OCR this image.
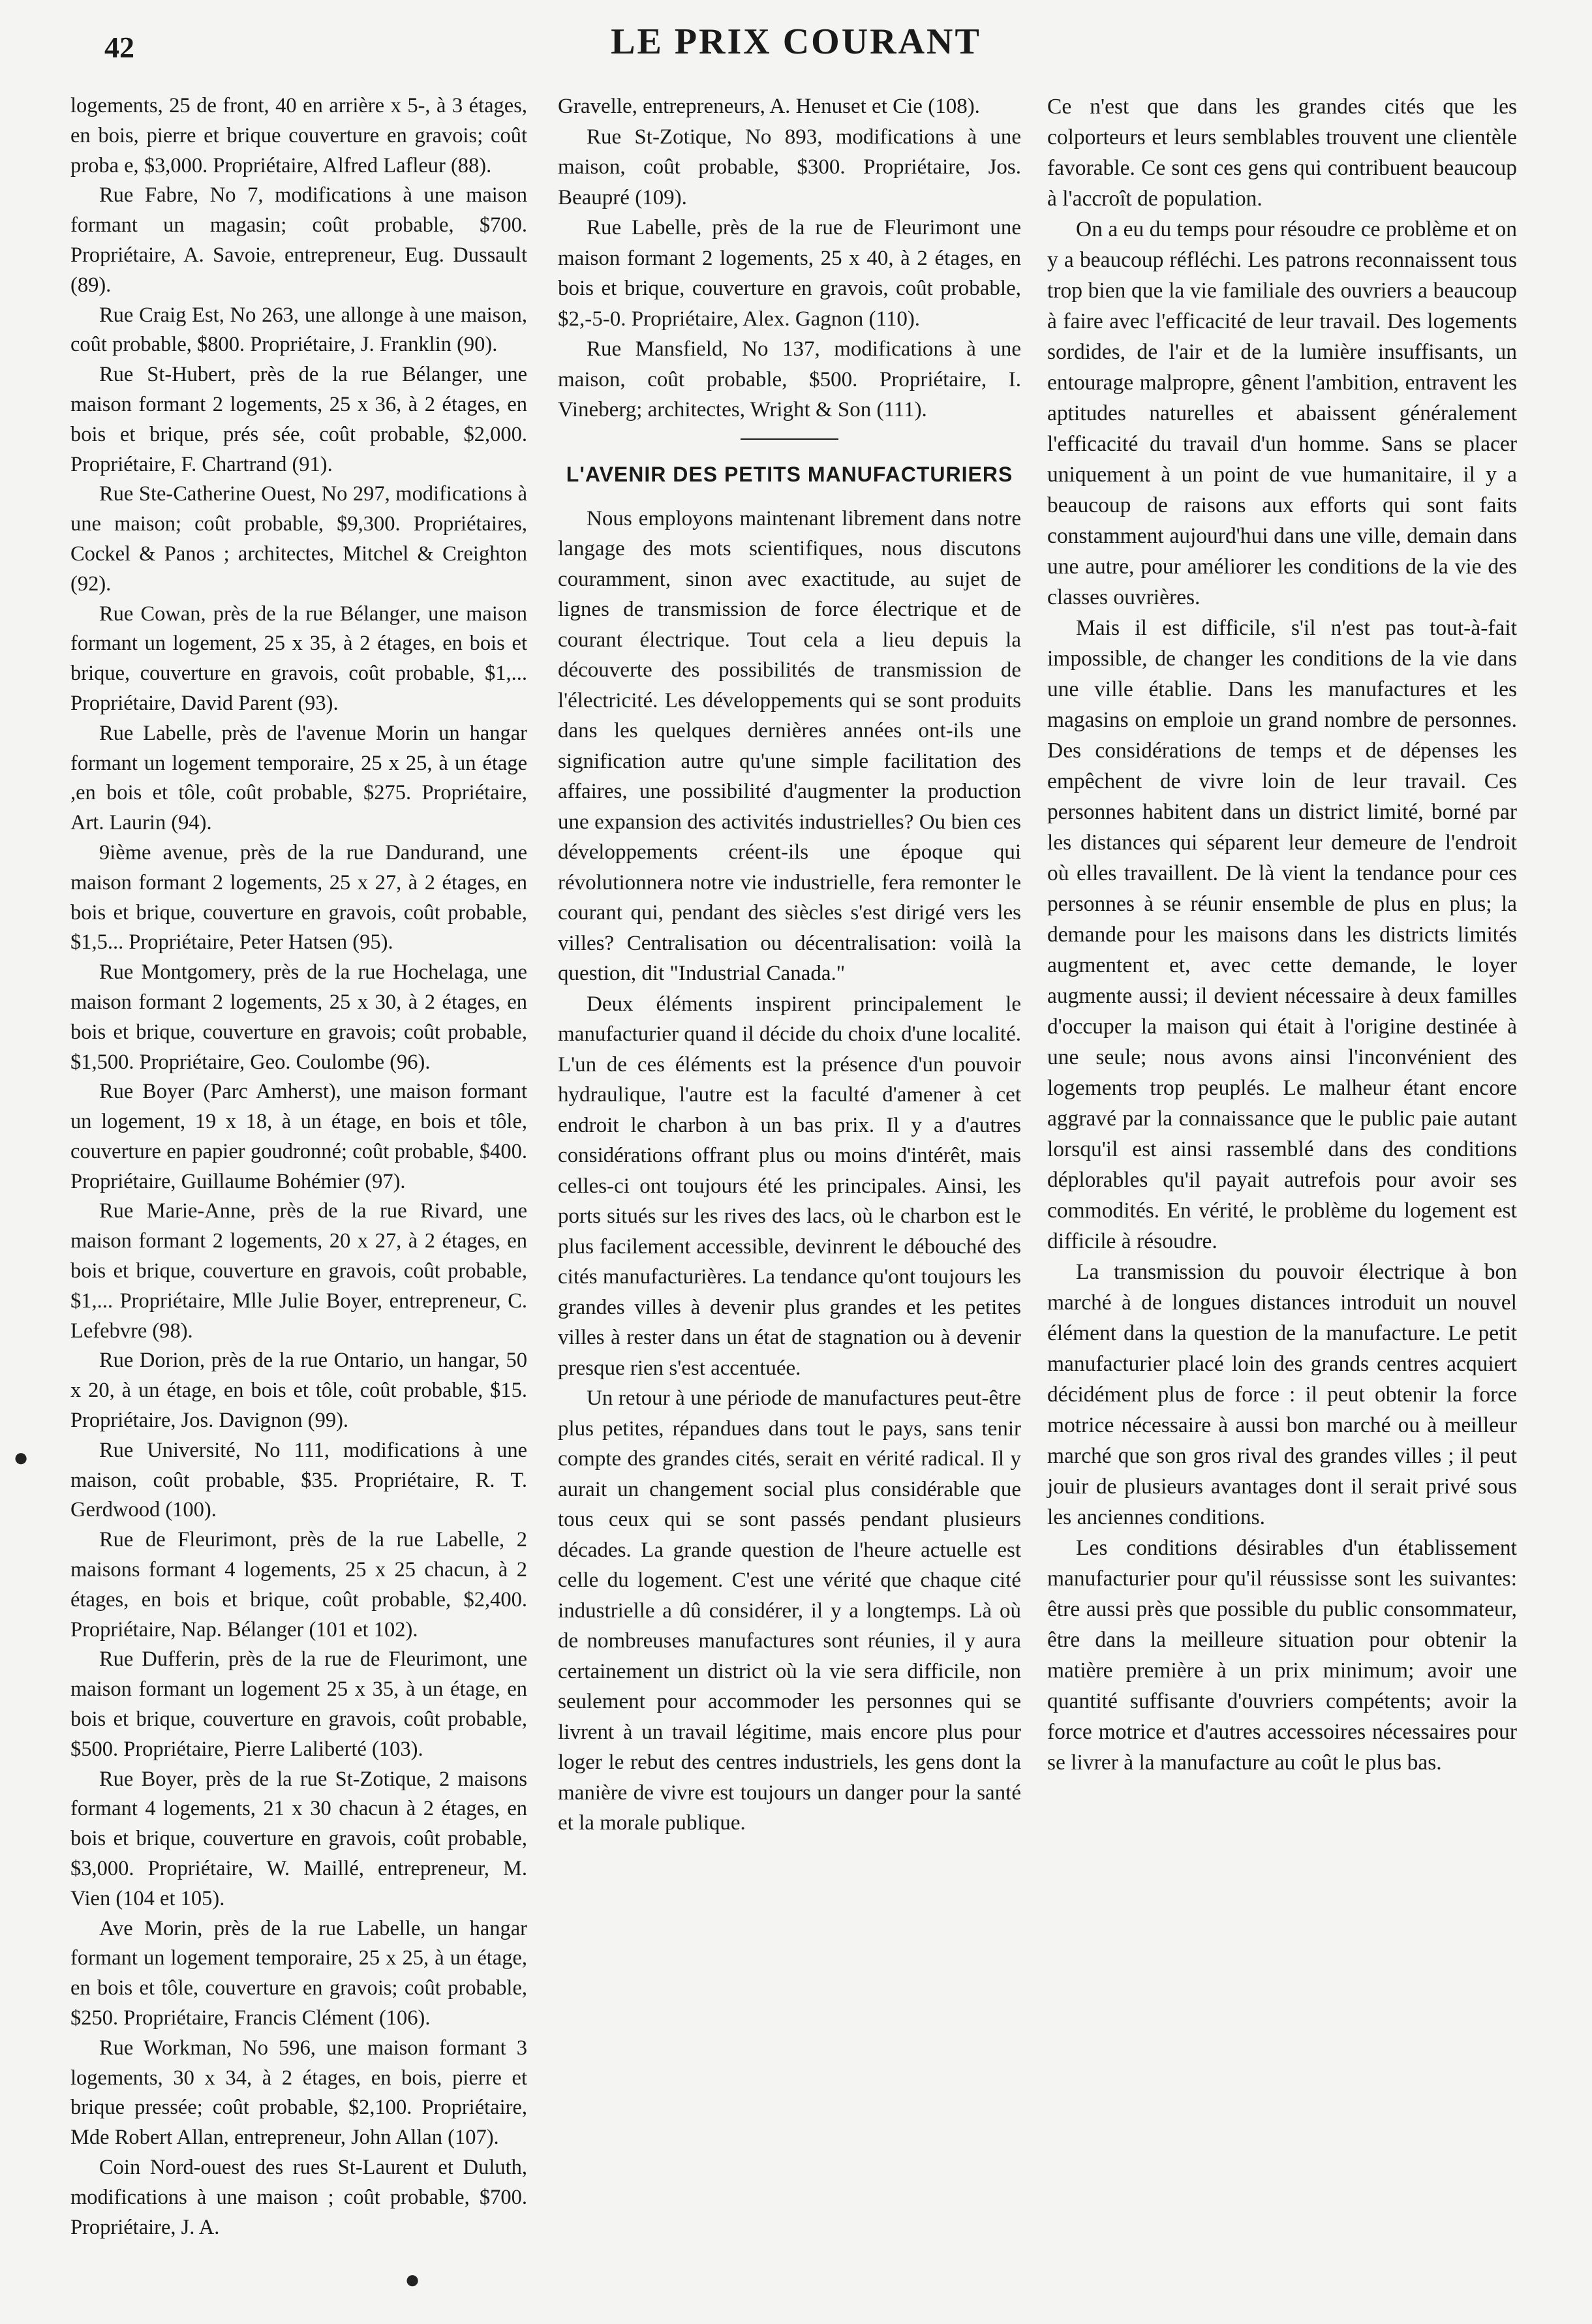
42	LE PRIX COURANT

logements, 25 de front, 40 en arrière x 5-, à 3 étages, en bois, pierre et brique couverture en gravois; coût proba e, $3,000. Propriétaire, Alfred Lafleur (88).

Rue Fabre, No 7, modifications à une maison formant un magasin; coût probable, $700. Propriétaire, A. Savoie, entrepreneur, Eug. Dussault (89).

Rue Craig Est, No 263, une allonge à une maison, coût probable, $800. Propriétaire, J. Franklin (90).

Rue St-Hubert, près de la rue Bélanger, une maison formant 2 logements, 25 x 36, à 2 étages, en bois et brique, prés sée, coût probable, $2,000. Propriétaire, F. Chartrand (91).

Rue Ste-Catherine Ouest, No 297, modifications à une maison; coût probable, $9,300. Propriétaires, Cockel & Panos ; architectes, Mitchel & Creighton (92).

Rue Cowan, près de la rue Bélanger, une maison formant un logement, 25 x 35, à 2 étages, en bois et brique, couverture en gravois, coût probable, $1,... Propriétaire, David Parent (93).

Rue Labelle, près de l'avenue Morin un hangar formant un logement temporaire, 25 x 25, à un étage ,en bois et tôle, coût probable, $275. Propriétaire, Art. Laurin (94).

9ième avenue, près de la rue Dandurand, une maison formant 2 logements, 25 x 27, à 2 étages, en bois et brique, couverture en gravois, coût probable, $1,5... Propriétaire, Peter Hatsen (95).

Rue Montgomery, près de la rue Hochelaga, une maison formant 2 logements, 25 x 30, à 2 étages, en bois et brique, couverture en gravois; coût probable, $1,500. Propriétaire, Geo. Coulombe (96).

Rue Boyer (Parc Amherst), une maison formant un logement, 19 x 18, à un étage, en bois et tôle, couverture en papier goudronné; coût probable, $400. Propriétaire, Guillaume Bohémier (97).

Rue Marie-Anne, près de la rue Rivard, une maison formant 2 logements, 20 x 27, à 2 étages, en bois et brique, couverture en gravois, coût probable, $1,... Propriétaire, Mlle Julie Boyer, entrepreneur, C. Lefebvre (98).

Rue Dorion, près de la rue Ontario, un hangar, 50 x 20, à un étage, en bois et tôle, coût probable, $15. Propriétaire, Jos. Davignon (99).

Rue Université, No 111, modifications à une maison, coût probable, $35. Propriétaire, R. T. Gerdwood (100).

Rue de Fleurimont, près de la rue Labelle, 2 maisons formant 4 logements, 25 x 25 chacun, à 2 étages, en bois et brique, coût probable, $2,400. Propriétaire, Nap. Bélanger (101 et 102).

Rue Dufferin, près de la rue de Fleurimont, une maison formant un logement 25 x 35, à un étage, en bois et brique, couverture en gravois, coût probable, $500. Propriétaire, Pierre Laliberté (103).

Rue Boyer, près de la rue St-Zotique, 2 maisons formant 4 logements, 21 x 30 chacun à 2 étages, en bois et brique, couverture en gravois, coût probable, $3,000. Propriétaire, W. Maillé, entrepreneur, M. Vien (104 et 105).

Ave Morin, près de la rue Labelle, un hangar formant un logement temporaire, 25 x 25, à un étage, en bois et tôle, couverture en gravois; coût probable, $250. Propriétaire, Francis Clément (106).

Rue Workman, No 596, une maison formant 3 logements, 30 x 34, à 2 étages, en bois, pierre et brique pressée; coût probable, $2,100. Propriétaire, Mde Robert Allan, entrepreneur, John Allan (107).

Coin Nord-ouest des rues St-Laurent et Duluth, modifications à une maison ; coût probable, $700. Propriétaire, J. A.

Gravelle, entrepreneurs, A. Henuset et Cie (108).

Rue St-Zotique, No 893, modifications à une maison, coût probable, $300. Propriétaire, Jos. Beaupré (109).

Rue Labelle, près de la rue de Fleurimont une maison formant 2 logements, 25 x 40, à 2 étages, en bois et brique, couverture en gravois, coût probable, $2,-5-0. Propriétaire, Alex. Gagnon (110).

Rue Mansfield, No 137, modifications à une maison, coût probable, $500. Propriétaire, I. Vineberg; architectes, Wright & Son (111).

L'AVENIR DES PETITS MANUFACTURIERS

Nous employons maintenant librement dans notre langage des mots scientifiques, nous discutons couramment, sinon avec exactitude, au sujet de lignes de transmission de force électrique et de courant électrique. Tout cela a lieu depuis la découverte des possibilités de transmission de l'électricité. Les développements qui se sont produits dans les quelques dernières années ont-ils une signification autre qu'une simple facilitation des affaires, une possibilité d'augmenter la production une expansion des activités industrielles? Ou bien ces développements créent-ils une époque qui révolutionnera notre vie industrielle, fera remonter le courant qui, pendant des siècles s'est dirigé vers les villes? Centralisation ou décentralisation: voilà la question, dit "Industrial Canada."

Deux éléments inspirent principalement le manufacturier quand il décide du choix d'une localité. L'un de ces éléments est la présence d'un pouvoir hydraulique, l'autre est la faculté d'amener à cet endroit le charbon à un bas prix. Il y a d'autres considérations offrant plus ou moins d'intérêt, mais celles-ci ont toujours été les principales. Ainsi, les ports situés sur les rives des lacs, où le charbon est le plus facilement accessible, devinrent le débouché des cités manufacturières. La tendance qu'ont toujours les grandes villes à devenir plus grandes et les petites villes à rester dans un état de stagnation ou à devenir presque rien s'est accentuée.

Un retour à une période de manufactures peut-être plus petites, répandues dans tout le pays, sans tenir compte des grandes cités, serait en vérité radical. Il y aurait un changement social plus considérable que tous ceux qui se sont passés pendant plusieurs décades. La grande question de l'heure actuelle est celle du logement. C'est une vérité que chaque cité industrielle a dû considérer, il y a longtemps. Là où de nombreuses manufactures sont réunies, il y aura certainement un district où la vie sera difficile, non seulement pour accommoder les personnes qui se livrent à un travail légitime, mais encore plus pour loger le rebut des centres industriels, les gens dont la manière de vivre est toujours un danger pour la santé et la morale publique.

Ce n'est que dans les grandes cités que les colporteurs et leurs semblables trouvent une clientèle favorable. Ce sont ces gens qui contribuent beaucoup à l'accroît de population.

On a eu du temps pour résoudre ce problème et on y a beaucoup réfléchi. Les patrons reconnaissent tous trop bien que la vie familiale des ouvriers a beaucoup à faire avec l'efficacité de leur travail. Des logements sordides, de l'air et de la lumière insuffisants, un entourage malpropre, gênent l'ambition, entravent les aptitudes naturelles et abaissent généralement l'efficacité du travail d'un homme. Sans se placer uniquement à un point de vue humanitaire, il y a beaucoup de raisons aux efforts qui sont faits constamment aujourd'hui dans une ville, demain dans une autre, pour améliorer les conditions de la vie des classes ouvrières.

Mais il est difficile, s'il n'est pas tout-à-fait impossible, de changer les conditions de la vie dans une ville établie. Dans les manufactures et les magasins on emploie un grand nombre de personnes. Des considérations de temps et de dépenses les empêchent de vivre loin de leur travail. Ces personnes habitent dans un district limité, borné par les distances qui séparent leur demeure de l'endroit où elles travaillent. De là vient la tendance pour ces personnes à se réunir ensemble de plus en plus; la demande pour les maisons dans les districts limités augmentent et, avec cette demande, le loyer augmente aussi; il devient nécessaire à deux familles d'occuper la maison qui était à l'origine destinée à une seule; nous avons ainsi l'inconvénient des logements trop peuplés. Le malheur étant encore aggravé par la connaissance que le public paie autant lorsqu'il est ainsi rassemblé dans des conditions déplorables qu'il payait autrefois pour avoir ses commodités. En vérité, le problème du logement est difficile à résoudre.

La transmission du pouvoir électrique à bon marché à de longues distances introduit un nouvel élément dans la question de la manufacture. Le petit manufacturier placé loin des grands centres acquiert décidément plus de force : il peut obtenir la force motrice nécessaire à aussi bon marché ou à meilleur marché que son gros rival des grandes villes ; il peut jouir de plusieurs avantages dont il serait privé sous les anciennes conditions.

Les conditions désirables d'un établissement manufacturier pour qu'il réussisse sont les suivantes: être aussi près que possible du public consommateur, être dans la meilleure situation pour obtenir la matière première à un prix minimum; avoir une quantité suffisante d'ouvriers compétents; avoir la force motrice et d'autres accessoires nécessaires pour se livrer à la manufacture au coût le plus bas.

●
●
